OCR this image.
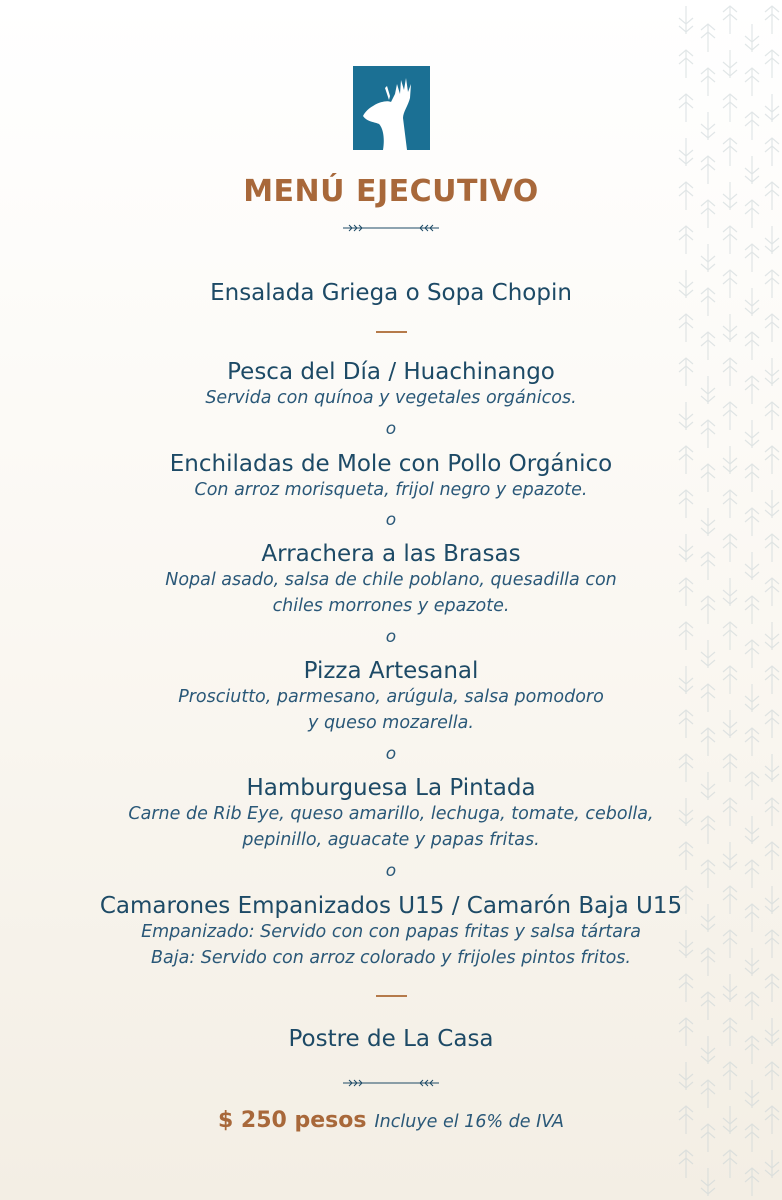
MENÚ EJECUTIVO
Ensalada Griega o Sopa Chopin
Pesca del Día / Huachinango
Servida con quínoa y vegetales orgánicos.
o
Enchiladas de Mole con Pollo Orgánico
Con arroz morisqueta, frijol negro y epazote.
o
Arrachera a las Brasas
Nopal asado, salsa de chile poblano, quesadilla con
chiles morrones y epazote.
o
Pizza Artesanal
Prosciutto, parmesano, arúgula, salsa pomodoro
y queso mozarella.
o
Hamburguesa La Pintada
Carne de Rib Eye, queso amarillo, lechuga, tomate, cebolla,
pepinillo, aguacate y papas fritas.
o
Camarones Empanizados U15 / Camarón Baja U15
Empanizado: Servido con con papas fritas y salsa tártara
Baja: Servido con arroz colorado y frijoles pintos fritos.
Postre de La Casa
$ 250 pesos Incluye el 16% de IVA
